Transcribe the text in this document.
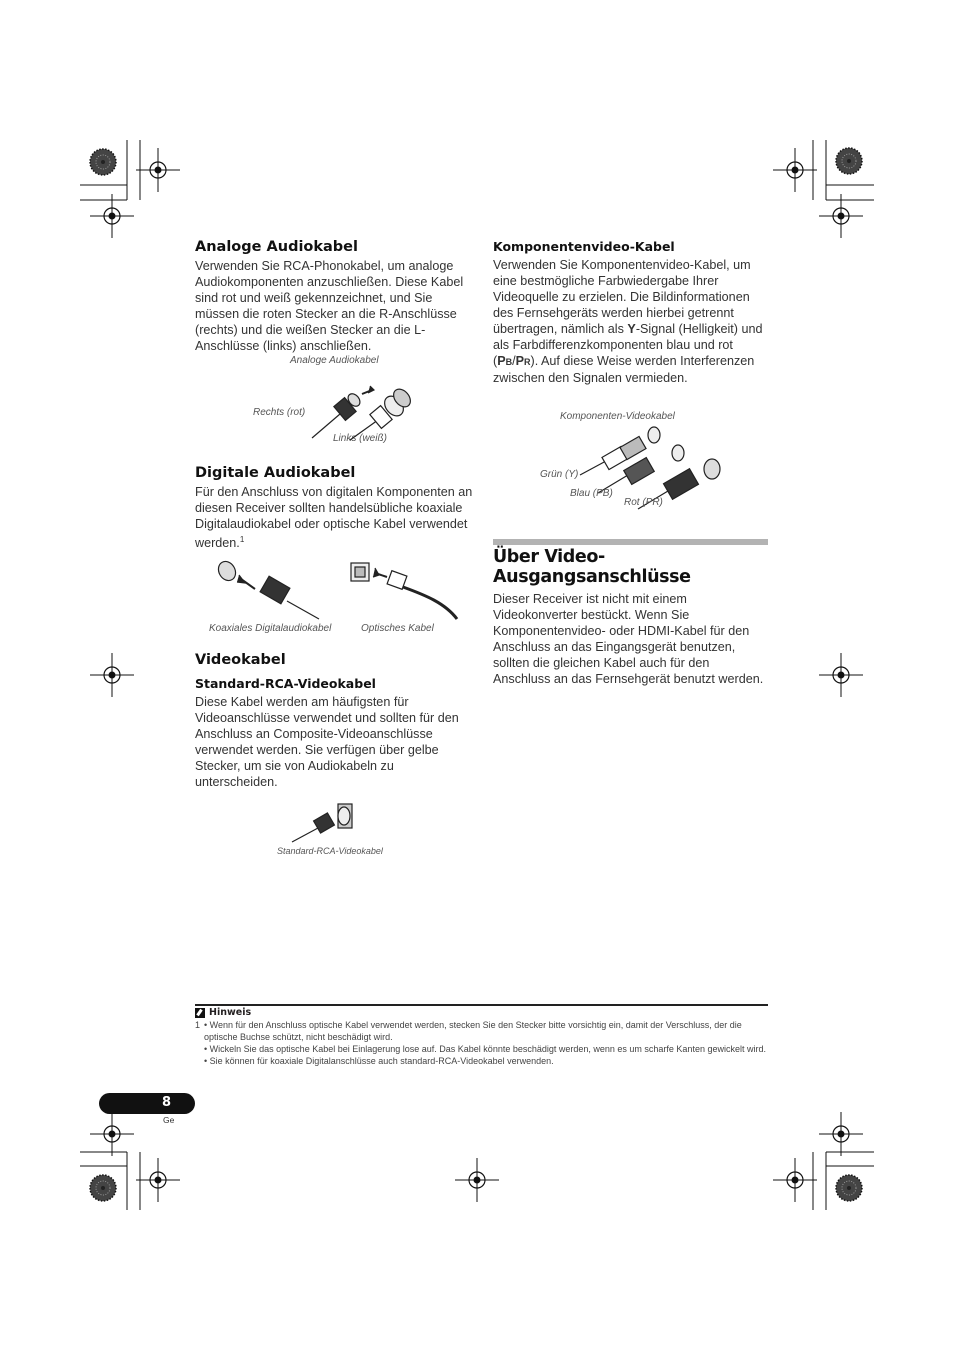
Analoge Audiokabel

Verwenden Sie RCA-Phonokabel, um analoge Audiokomponenten anzuschließen. Diese Kabel sind rot und weiß gekennzeichnet, und Sie müssen die roten Stecker an die R-Anschlüsse (rechts) und die weißen Stecker an die L-Anschlüsse (links) anschließen.

Analoge Audiokabel
Rechts (rot)
Links (weiß)
Digitale Audiokabel

Für den Anschluss von digitalen Komponenten an diesen Receiver sollten handelsübliche koaxiale Digitalaudiokabel oder optische Kabel verwendet werden.$^1$

Koaxiales Digitalaudiokabel	Optisches Kabel
Videokabel
Standard-RCA-Videokabel

Diese Kabel werden am häufigsten für Videoanschlüsse verwendet und sollten für den Anschluss an Composite-Videoanschlüsse verwendet werden. Sie verfügen über gelbe Stecker, um sie von Audiokabeln zu unterscheiden.

Standard-RCA-Videokabel
Komponentenvideo-Kabel

Verwenden Sie Komponentenvideo-Kabel, um eine bestmögliche Farbwiedergabe Ihrer Videoquelle zu erzielen. Die Bildinformationen des Fernsehgeräts werden hierbei getrennt übertragen, nämlich als Y-Signal (Helligkeit) und als Farbdifferenzkomponenten blau und rot (PB/PR). Auf diese Weise werden Interferenzen zwischen den Signalen vermieden.

Komponenten-Videokabel
Grün (Y)
Blau (PB)
Rot (PR)
Über Video-Ausgangsanschlüsse

Dieser Receiver ist nicht mit einem Videokonverter bestückt. Wenn Sie Komponentenvideo- oder HDMI-Kabel für den Anschluss an das Eingangsgerät benutzen, sollten die gleichen Kabel auch für den Anschluss an das Fernsehgerät benutzt werden.

Hinweis
1 • Wenn für den Anschluss optische Kabel verwendet werden, stecken Sie den Stecker bitte vorsichtig ein, damit der Verschluss, der die optische Buchse schützt, nicht beschädigt wird.
• Wickeln Sie das optische Kabel bei Einlagerung lose auf. Das Kabel könnte beschädigt werden, wenn es um scharfe Kanten gewickelt wird.
• Sie können für koaxiale Digitalanschlüsse auch standard-RCA-Videokabel verwenden.
8
Ge
